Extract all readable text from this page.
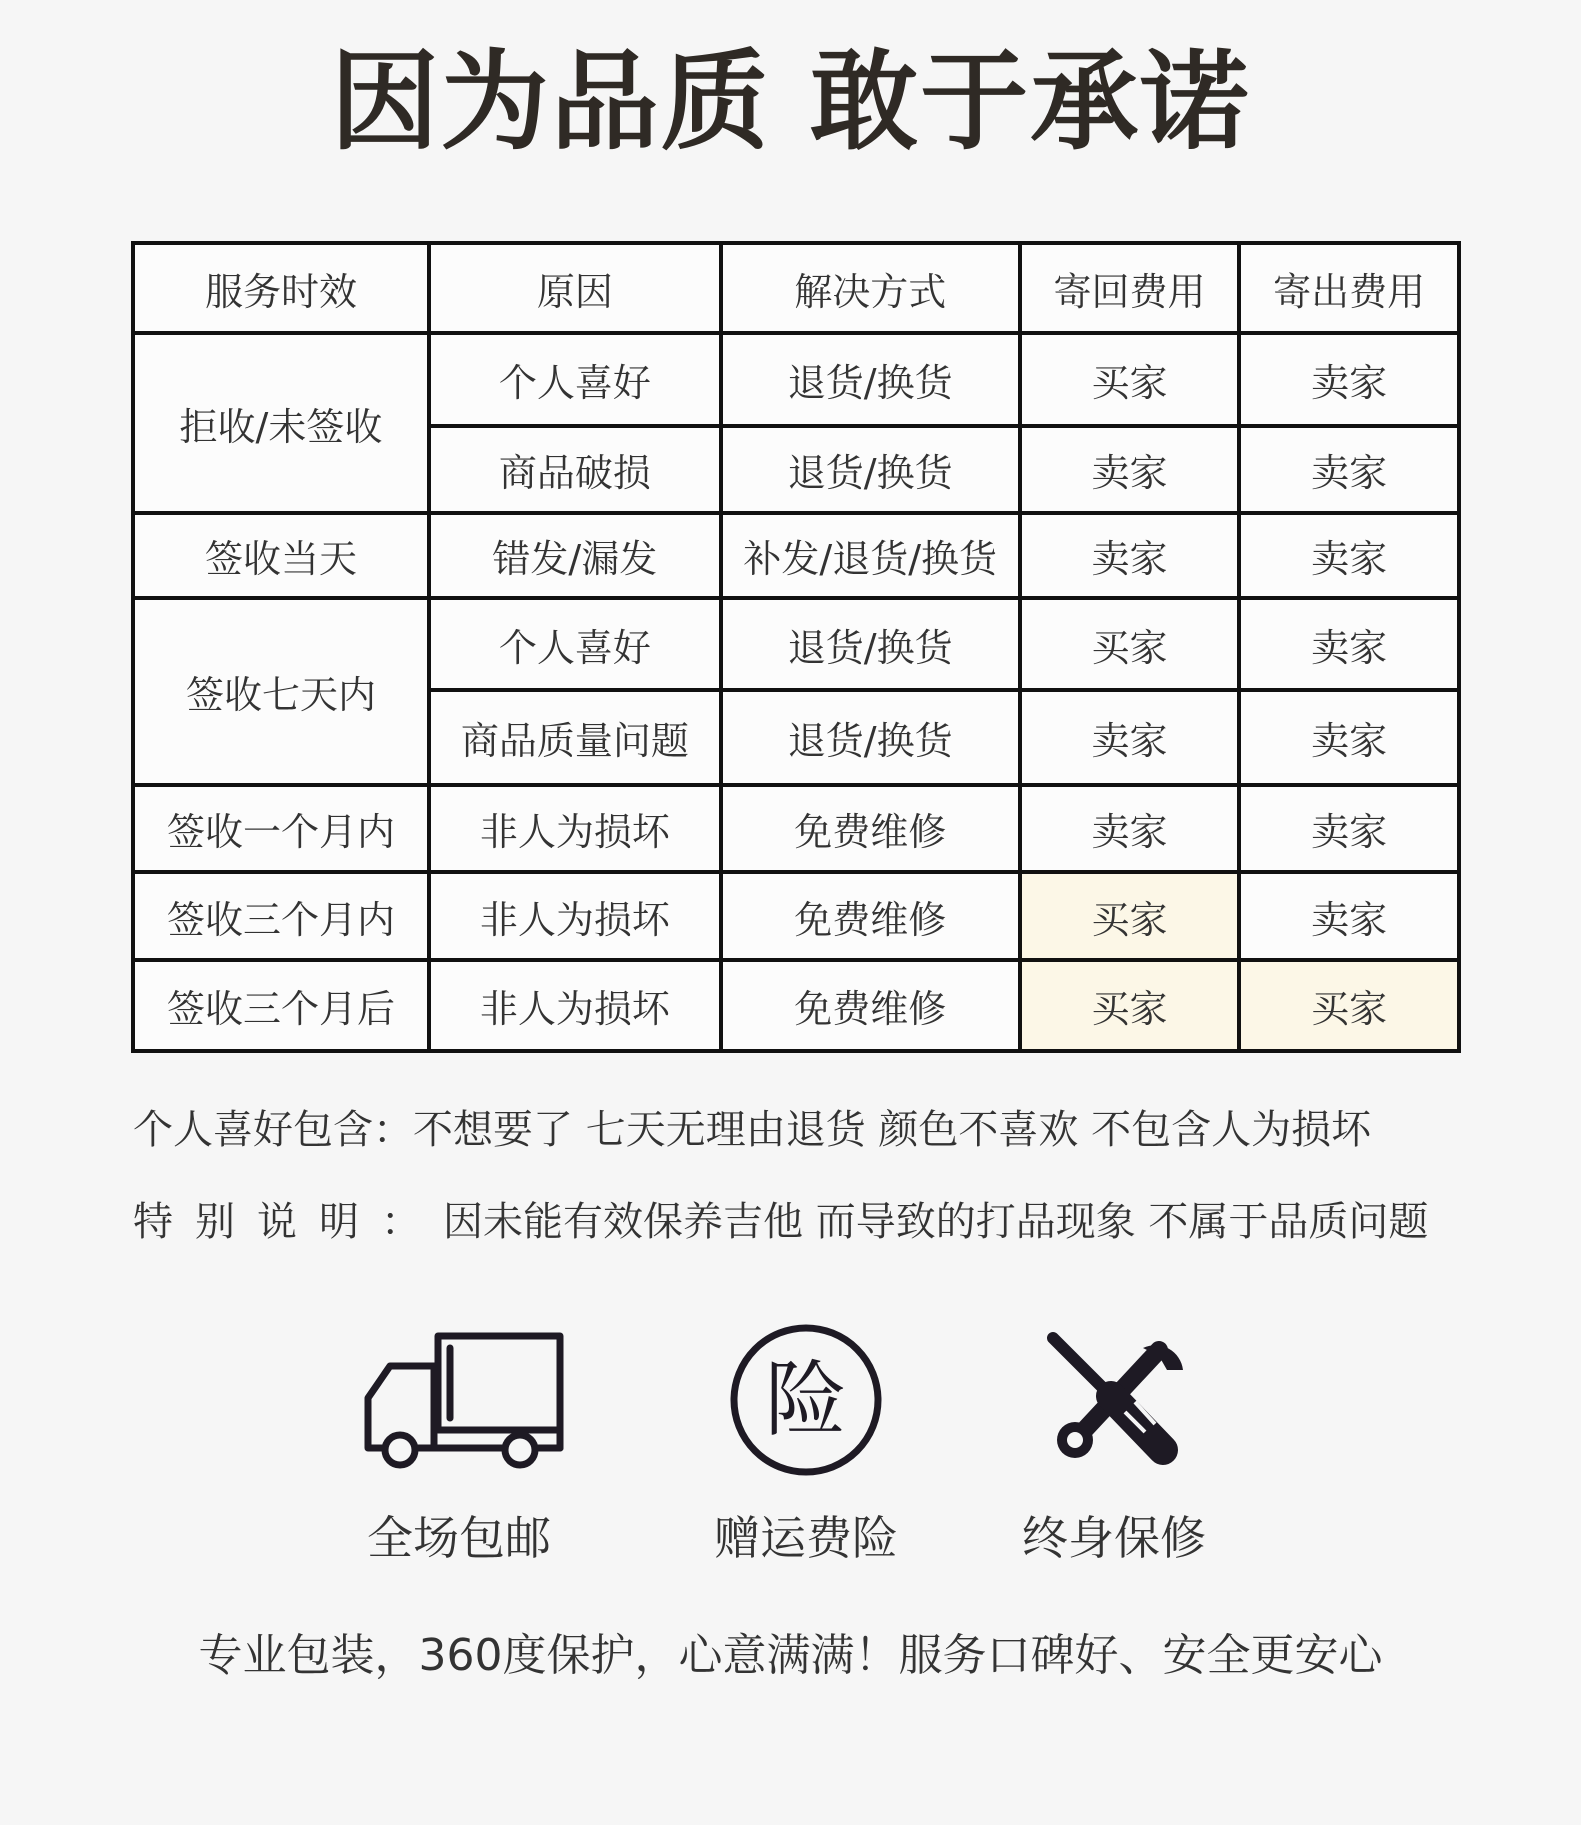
因为品质 敢于承诺
服务时效	原因	解决方式	寄回费用	寄出费用
拒收/未签收	个人喜好	退货/换货	买家	卖家
	商品破损	退货/换货	卖家	卖家
签收当天	错发/漏发	补发/退货/换货	卖家	卖家
签收七天内	个人喜好	退货/换货	买家	卖家
	商品质量问题	退货/换货	卖家	卖家
签收一个月内	非人为损坏	免费维修	卖家	卖家
签收三个月内	非人为损坏	免费维修	买家	卖家
签收三个月后	非人为损坏	免费维修	买家	买家
个人喜好包含：不想要了 七天无理由退货 颜色不喜欢 不包含人为损坏
特别说明：因未能有效保养吉他 而导致的打品现象 不属于品质问题
全场包邮
险
赠运费险	终身保修
专业包装，360度保护，心意满满！服务口碑好、安全更安心
